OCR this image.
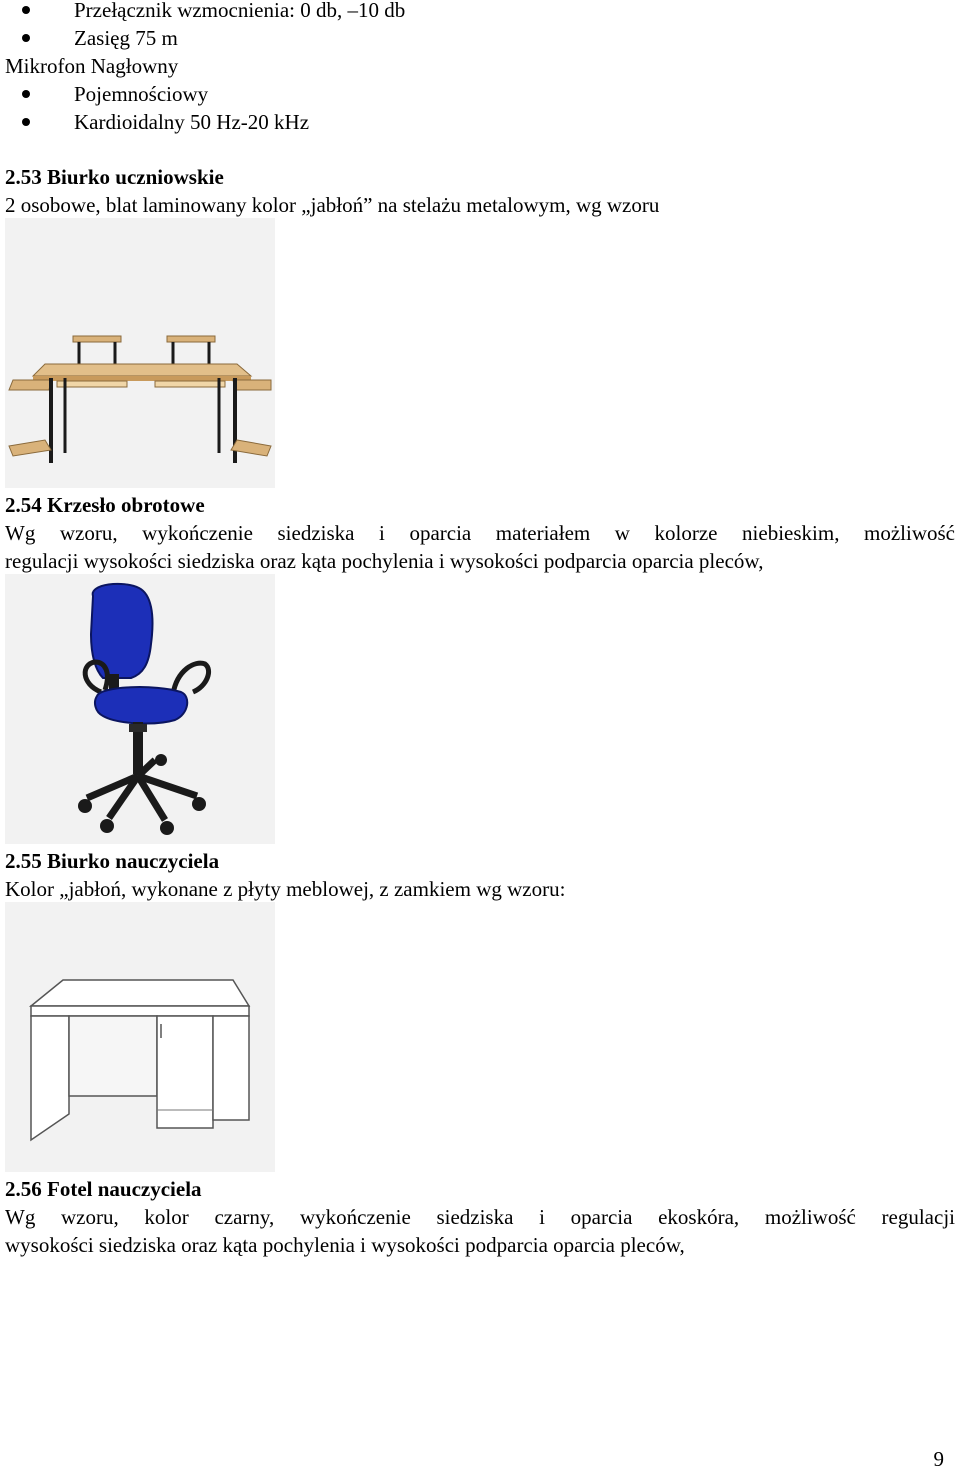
Przełącznik wzmocnienia: 0 db, –10 db
Zasięg 75 m
Mikrofon Nagłowny
Pojemnościowy
Kardioidalny 50 Hz-20 kHz
2.53 Biurko uczniowskie
2 osobowe, blat laminowany kolor „jabłoń” na stelażu metalowym, wg wzoru
2.54 Krzesło obrotowe
Wg wzoru, wykończenie siedziska i oparcia materiałem w kolorze niebieskim, możliwość
regulacji wysokości siedziska oraz kąta pochylenia i wysokości podparcia oparcia pleców,
2.55 Biurko nauczyciela
Kolor „jabłoń, wykonane z płyty meblowej, z zamkiem wg wzoru:
2.56 Fotel nauczyciela
Wg wzoru, kolor czarny, wykończenie siedziska i oparcia ekoskóra, możliwość regulacji
wysokości siedziska oraz kąta pochylenia i wysokości podparcia oparcia pleców,
9
